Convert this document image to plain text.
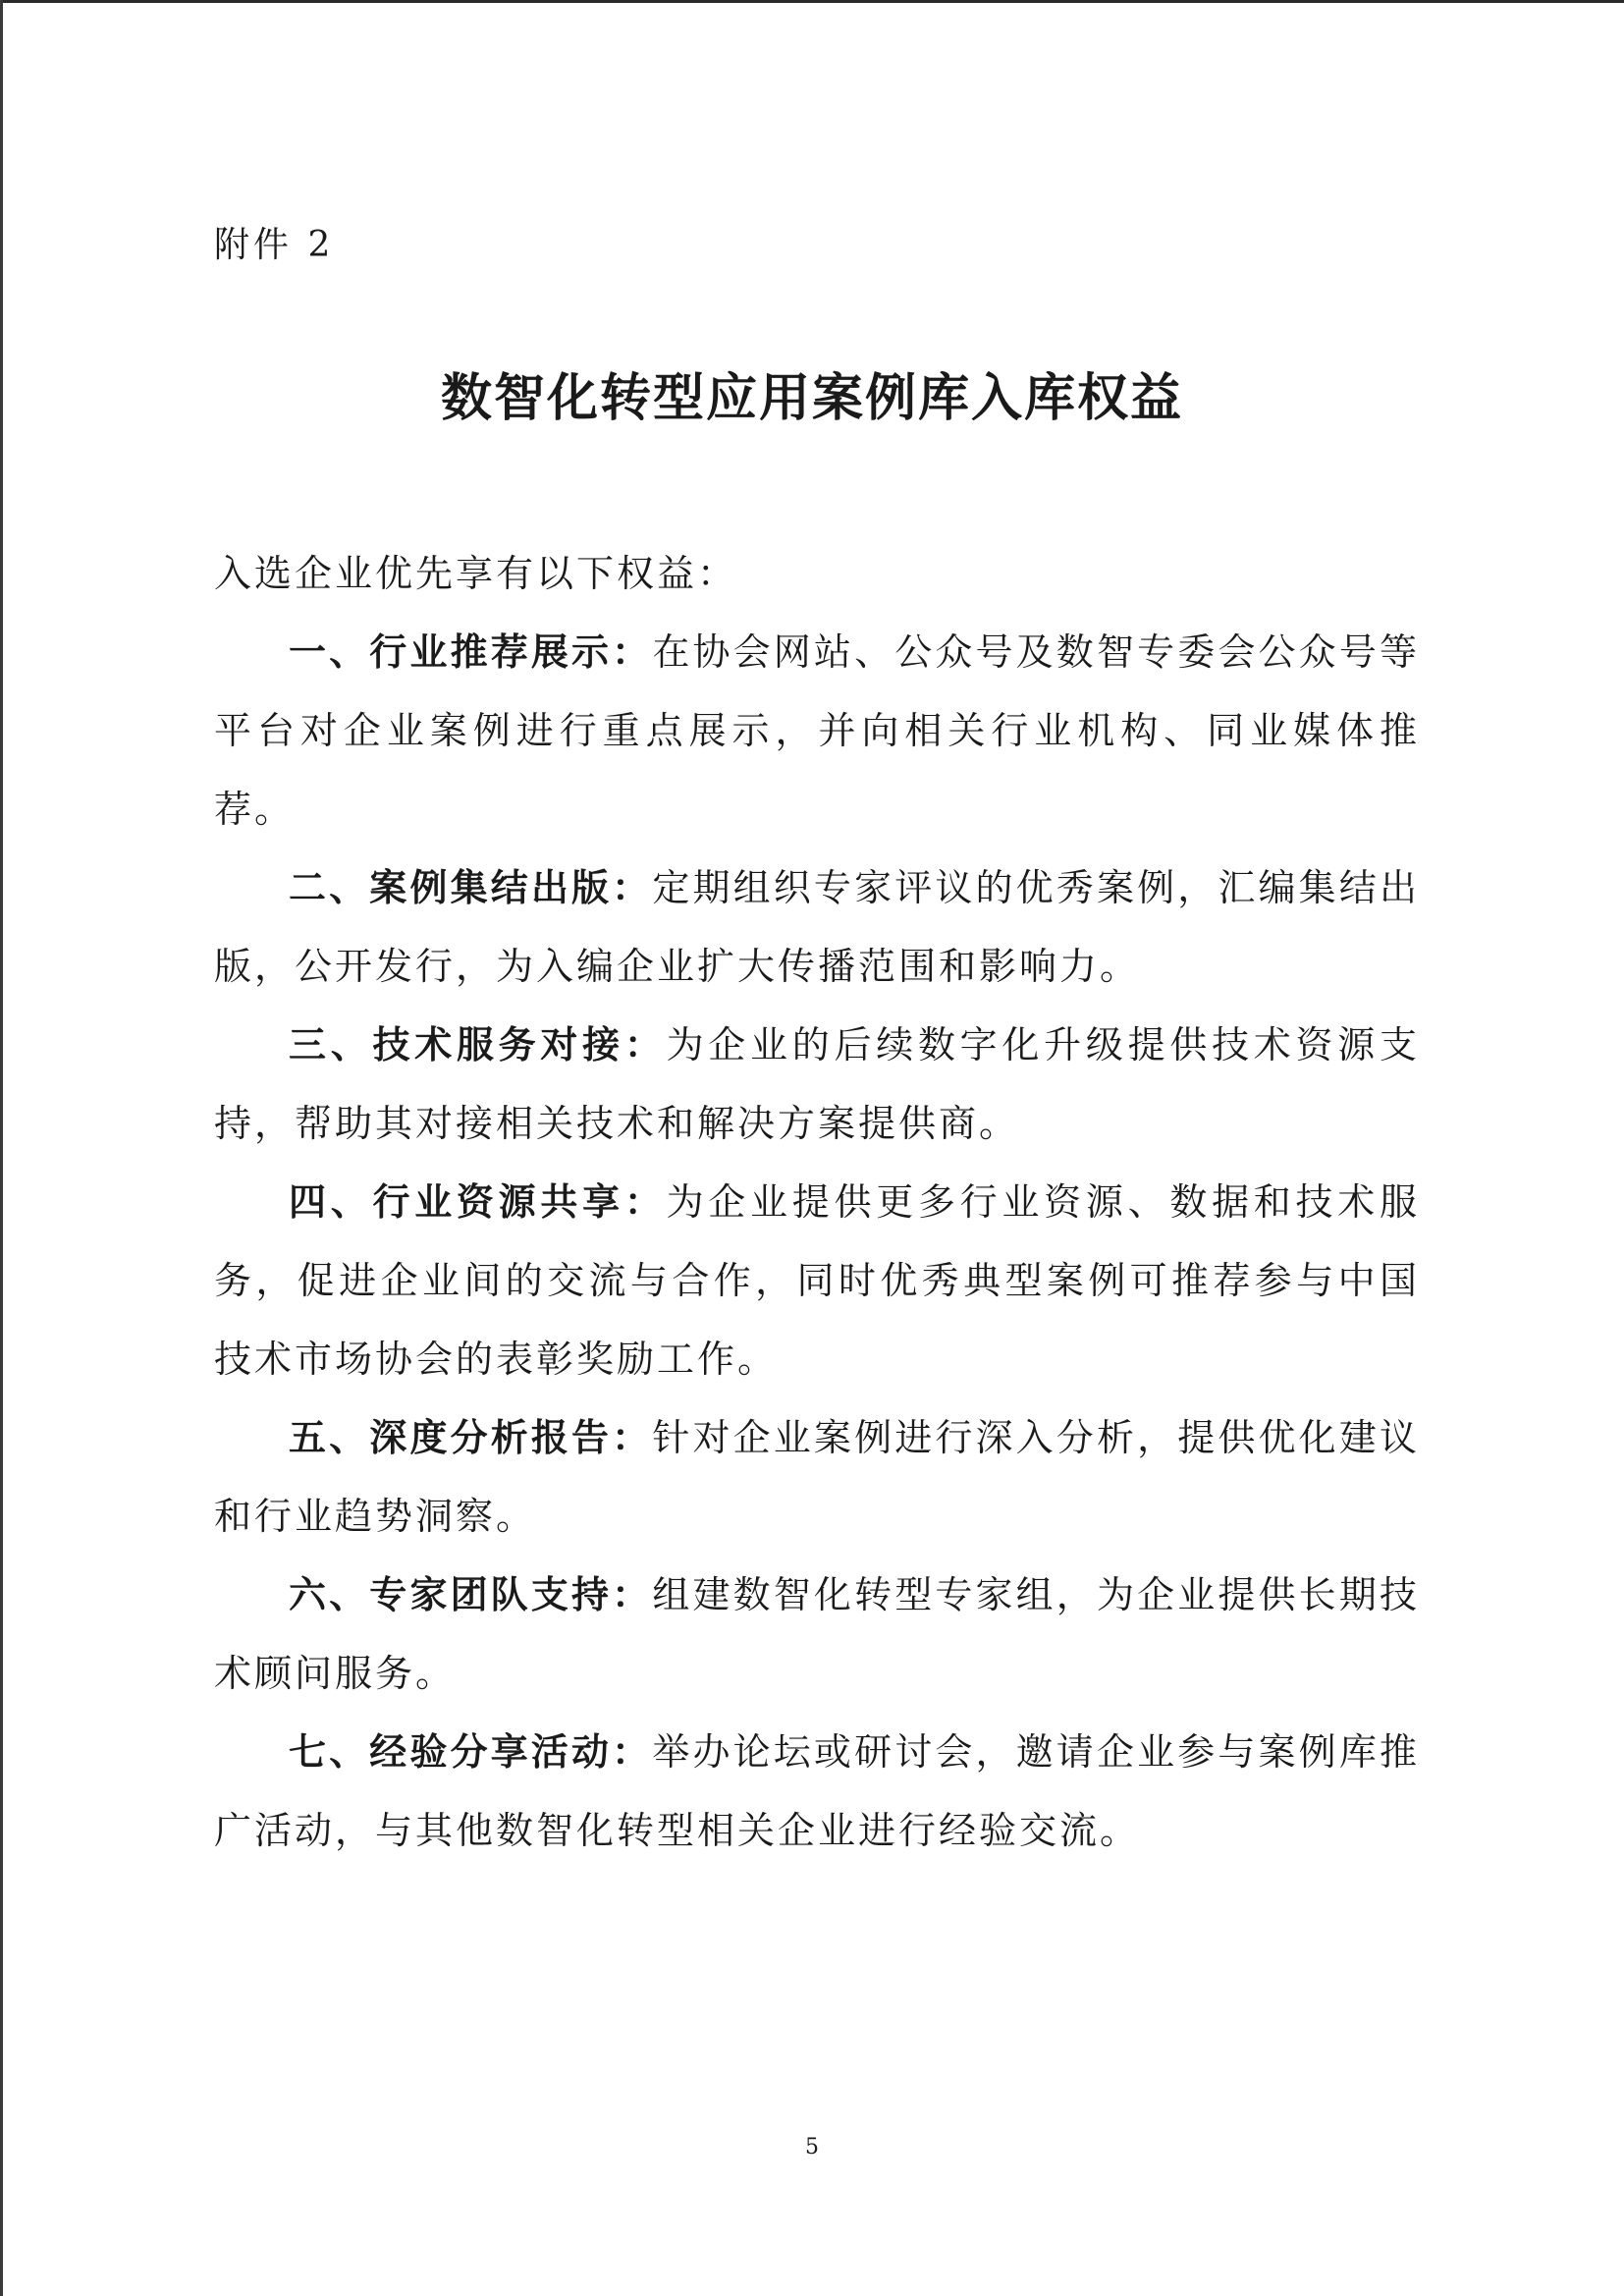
附件 2
数智化转型应用案例库入库权益

入选企业优先享有以下权益：

一、行业推荐展示：在协会网站、公众号及数智专委会公众号等平台对企业案例进行重点展示，并向相关行业机构、同业媒体推荐。

二、案例集结出版：定期组织专家评议的优秀案例，汇编集结出版，公开发行，为入编企业扩大传播范围和影响力。

三、技术服务对接：为企业的后续数字化升级提供技术资源支持，帮助其对接相关技术和解决方案提供商。

四、行业资源共享：为企业提供更多行业资源、数据和技术服务，促进企业间的交流与合作，同时优秀典型案例可推荐参与中国技术市场协会的表彰奖励工作。

五、深度分析报告：针对企业案例进行深入分析，提供优化建议和行业趋势洞察。

六、专家团队支持：组建数智化转型专家组，为企业提供长期技术顾问服务。

七、经验分享活动：举办论坛或研讨会，邀请企业参与案例库推广活动，与其他数智化转型相关企业进行经验交流。

5
